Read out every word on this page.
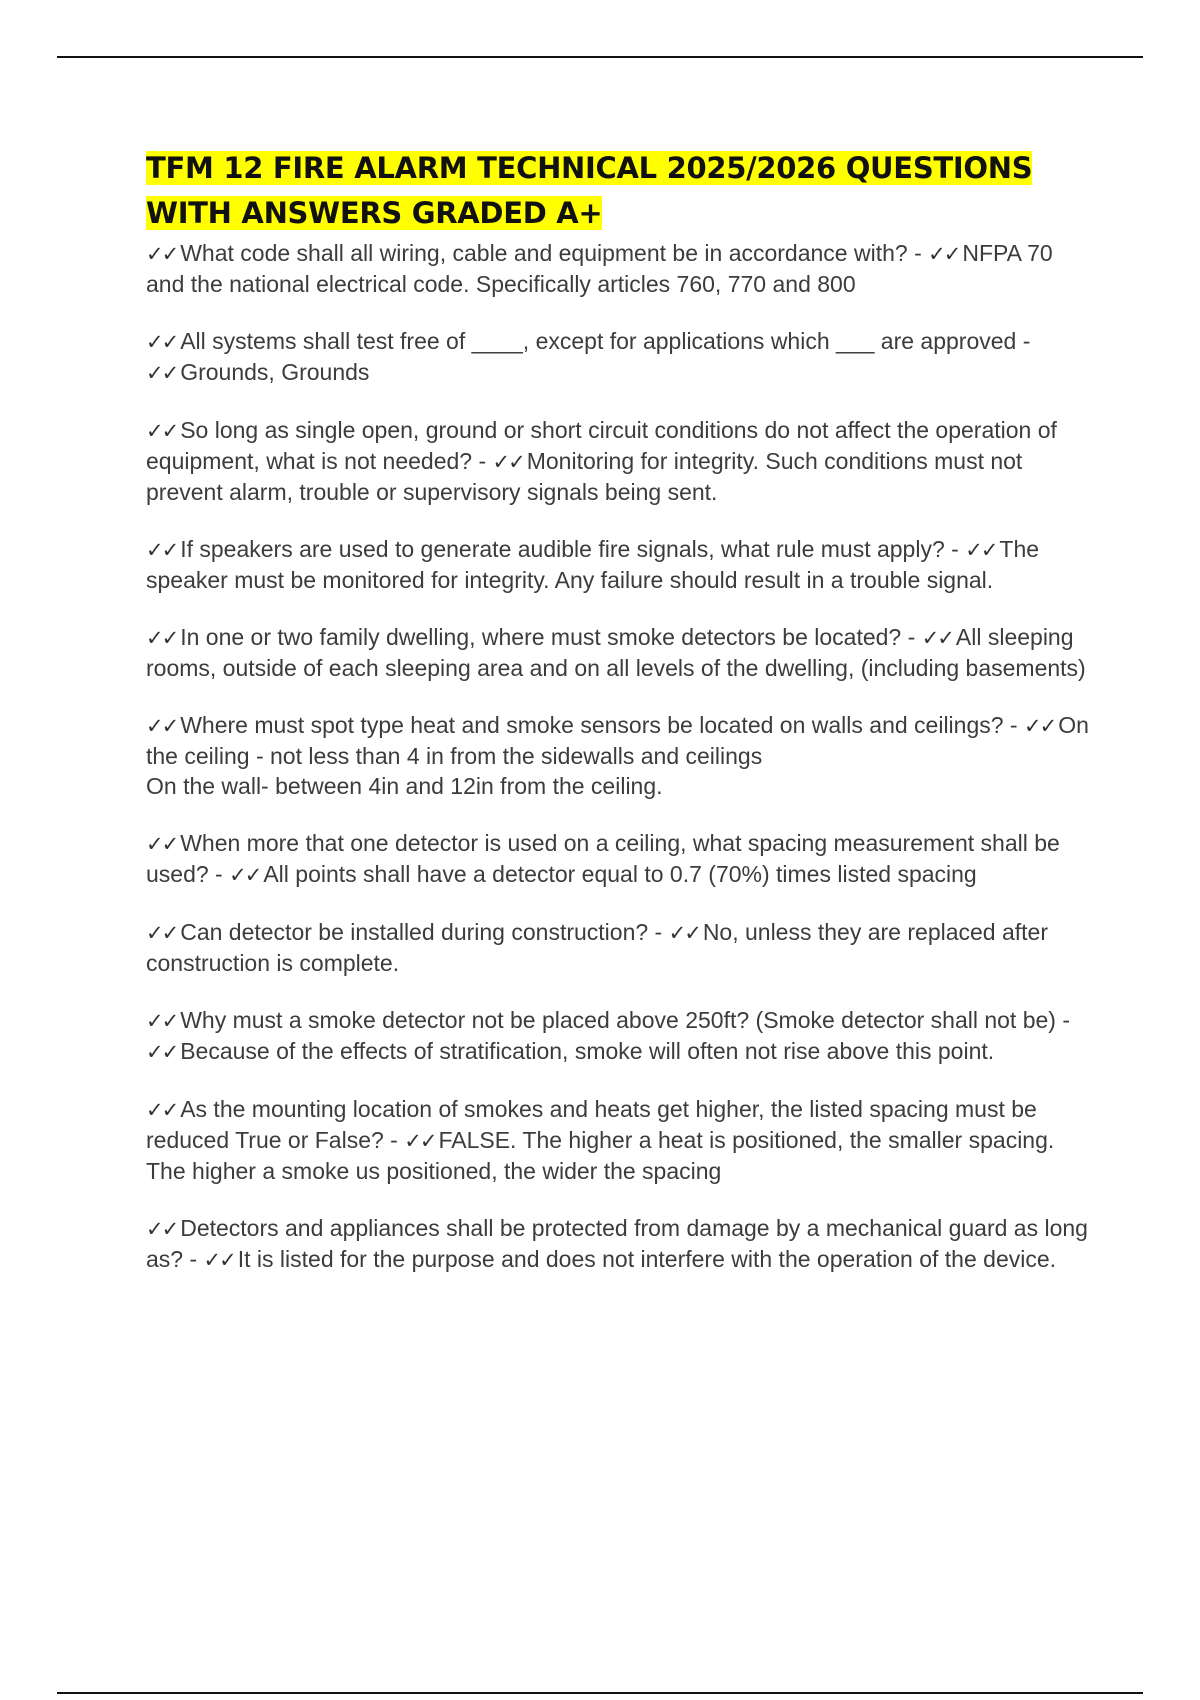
TFM 12 FIRE ALARM TECHNICAL 2025/2026 QUESTIONS WITH ANSWERS GRADED A+

✓✓ What code shall all wiring, cable and equipment be in accordance with? - ✓✓ NFPA 70 and the national electrical code. Specifically articles 760, 770 and 800

✓✓ All systems shall test free of ____, except for applications which ___ are approved - ✓✓ Grounds, Grounds

✓✓ So long as single open, ground or short circuit conditions do not affect the operation of equipment, what is not needed? - ✓✓ Monitoring for integrity. Such conditions must not prevent alarm, trouble or supervisory signals being sent.

✓✓ If speakers are used to generate audible fire signals, what rule must apply? - ✓✓ The speaker must be monitored for integrity. Any failure should result in a trouble signal.

✓✓ In one or two family dwelling, where must smoke detectors be located? - ✓✓ All sleeping rooms, outside of each sleeping area and on all levels of the dwelling, (including basements)

✓✓ Where must spot type heat and smoke sensors be located on walls and ceilings? - ✓✓ On the ceiling - not less than 4 in from the sidewalls and ceilings
On the wall- between 4in and 12in from the ceiling.

✓✓ When more that one detector is used on a ceiling, what spacing measurement shall be used? - ✓✓ All points shall have a detector equal to 0.7 (70%) times listed spacing

✓✓ Can detector be installed during construction? - ✓✓ No, unless they are replaced after construction is complete.

✓✓ Why must a smoke detector not be placed above 250ft? (Smoke detector shall not be) - ✓✓ Because of the effects of stratification, smoke will often not rise above this point.

✓✓ As the mounting location of smokes and heats get higher, the listed spacing must be reduced True or False? - ✓✓ FALSE. The higher a heat is positioned, the smaller spacing. The higher a smoke us positioned, the wider the spacing

✓✓ Detectors and appliances shall be protected from damage by a mechanical guard as long as? - ✓✓ It is listed for the purpose and does not interfere with the operation of the device.
